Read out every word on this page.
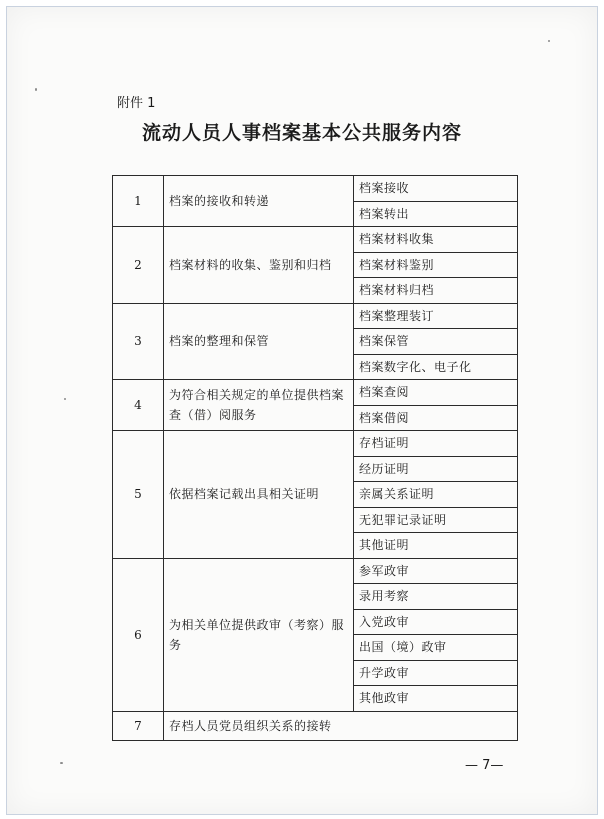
附件 1
流动人员人事档案基本公共服务内容
1	档案的接收和转递	档案接收
		档案转出
2	档案材料的收集、鉴别和归档	档案材料收集
		档案材料鉴别
		档案材料归档
3	档案的整理和保管	档案整理装订
		档案保管
		档案数字化、电子化
4	为符合相关规定的单位提供档案查（借）阅服务	档案查阅
		档案借阅
5	依据档案记载出具相关证明	存档证明
		经历证明
		亲属关系证明
		无犯罪记录证明
		其他证明
6	为相关单位提供政审（考察）服务	参军政审
		录用考察
		入党政审
		出国（境）政审
		升学政审
		其他政审
7	存档人员党员组织关系的接转	
— 7—
